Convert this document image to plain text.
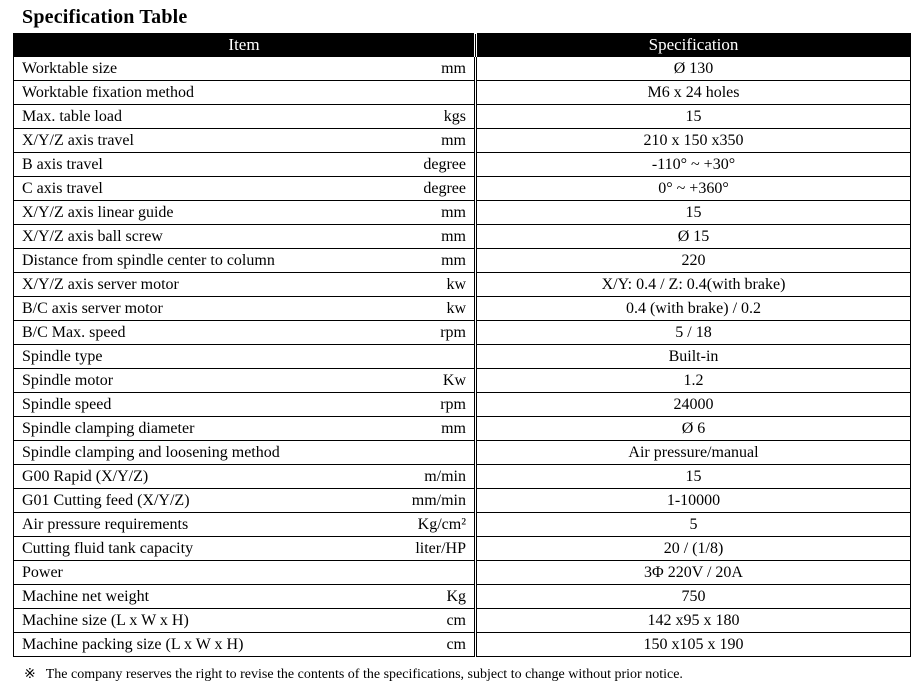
Specification Table
Item	Specification

Worktable size mm	Ø 130

Worktable fixation method	M6 x 24 holes

Max. table load kgs	15

X/Y/Z axis travel mm	210 x 150 x350

B axis travel degree	-110° ~ +30°

C axis travel degree	0° ~ +360°

X/Y/Z axis linear guide mm	15

X/Y/Z axis ball screw mm	Ø 15

Distance from spindle center to column mm	220

X/Y/Z axis server motor kw	X/Y: 0.4 / Z: 0.4(with brake)

B/C axis server motor kw	0.4 (with brake) / 0.2

B/C Max. speed rpm	5 / 18

Spindle type	Built-in

Spindle motor Kw	1.2

Spindle speed rpm	24000

Spindle clamping diameter mm	Ø 6

Spindle clamping and loosening method	Air pressure/manual

G00 Rapid (X/Y/Z) m/min	15

G01 Cutting feed (X/Y/Z) mm/min	1-10000

Air pressure requirements Kg/cm²	5

Cutting fluid tank capacity liter/HP	20 / (1/8)

Power	3Φ 220V / 20A

Machine net weight Kg	750

Machine size (L x W x H) cm	142 x95 x 180

Machine packing size (L x W x H) cm	150 x105 x 190
※ The company reserves the right to revise the contents of the specifications, subject to change without prior notice.
